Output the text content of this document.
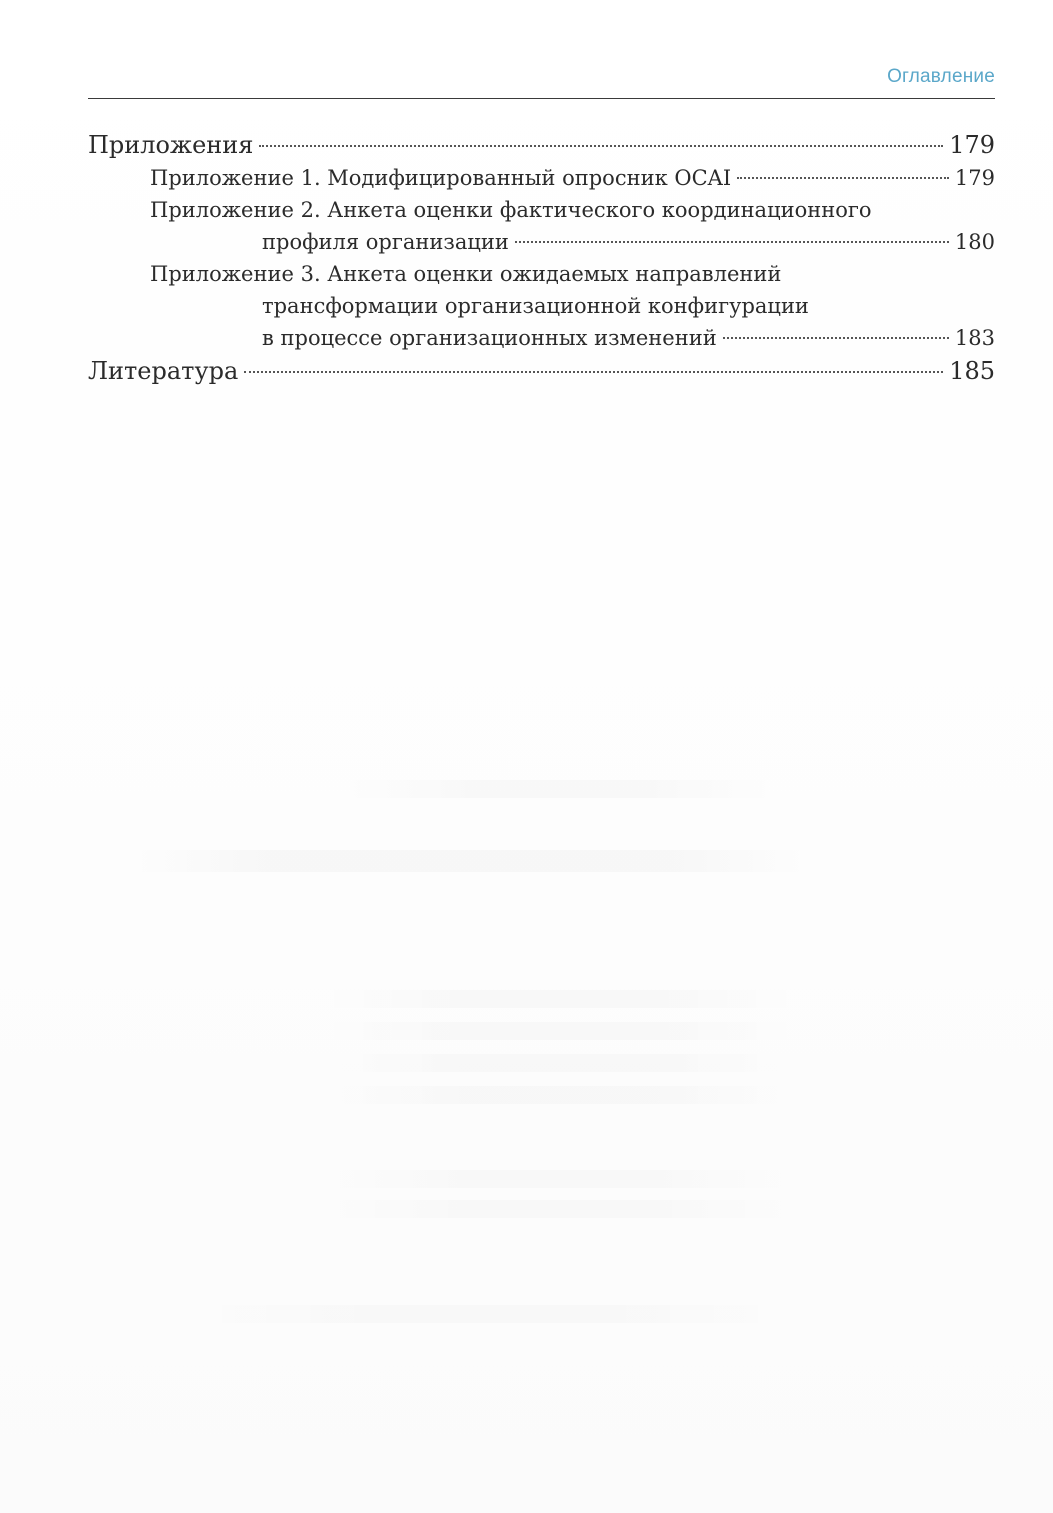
Оглавление
Приложения	179
Приложение 1. Модифицированный опросник OCAI	179
Приложение 2. Анкета оценки фактического координационного
профиля организации	180
Приложение 3. Анкета оценки ожидаемых направлений
трансформации организационной конфигурации
в процессе организационных изменений	183
Литература	185
